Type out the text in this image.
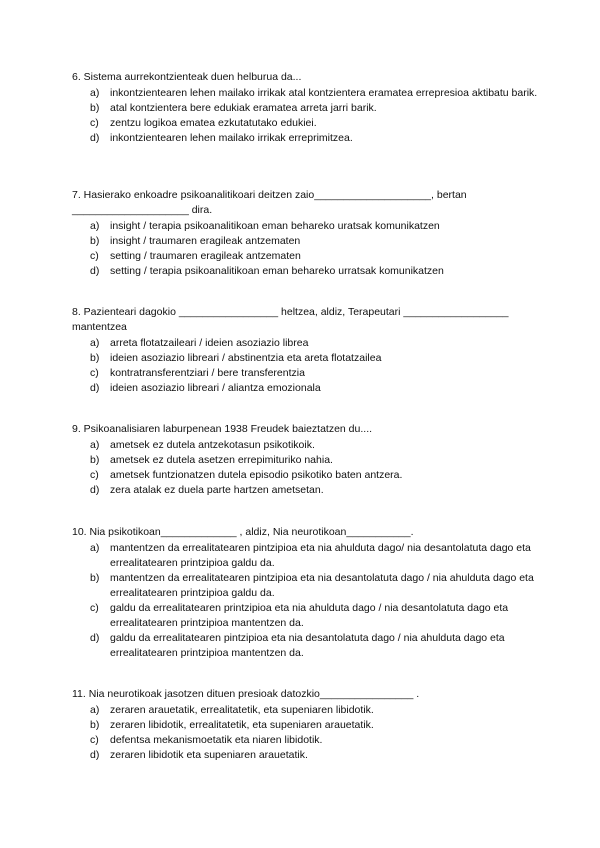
6. Sistema aurrekontzienteak duen helburua da...

a) inkontzientearen lehen mailako irrikak atal kontzientera eramatea errepresioa aktibatu barik.
b) atal kontzientera bere edukiak eramatea arreta jarri barik.
c) zentzu logikoa ematea ezkutatutako edukiei.
d) inkontzientearen lehen mailako irrikak erreprimitzea.

7. Hasierako enkoadre psikoanalitikoari deitzen zaio____________________, bertan ____________________ dira.

a) insight / terapia psikoanalitikoan eman behareko uratsak komunikatzen
b) insight / traumaren eragileak antzematen
c) setting / traumaren eragileak antzematen
d) setting / terapia psikoanalitikoan eman behareko urratsak komunikatzen

8. Pazienteari dagokio _________________ heltzea, aldiz, Terapeutari __________________ mantentzea

a) arreta flotatzaileari / ideien asoziazio librea
b) ideien asoziazio libreari / abstinentzia eta areta flotatzailea
c) kontratransferentziari / bere transferentzia
d) ideien asoziazio libreari / aliantza emozionala

9. Psikoanalisiaren laburpenean 1938 Freudek baieztatzen du....

a) ametsek ez dutela antzekotasun psikotikoik.
b) ametsek ez dutela asetzen errepimituriko nahia.
c) ametsek funtzionatzen dutela episodio psikotiko baten antzera.
d) zera atalak ez duela parte hartzen ametsetan.

10. Nia psikotikoan_____________ , aldiz, Nia neurotikoan___________.

a) mantentzen da errealitatearen pintzipioa eta nia ahulduta dago/ nia desantolatuta dago eta errealitatearen printzipioa galdu da.
b) mantentzen da errealitatearen pintzipioa eta nia desantolatuta dago / nia ahulduta dago eta errealitatearen printzipioa galdu da.
c) galdu da errealitatearen printzipioa eta nia ahulduta dago / nia desantolatuta dago eta errealitatearen printzipioa mantentzen da.
d) galdu da errealitatearen pintzipioa eta nia desantolatuta dago / nia ahulduta dago eta errealitatearen printzipioa mantentzen da.

11. Nia neurotikoak jasotzen dituen presioak datozkio________________ .

a) zeraren arauetatik, errealitatetik, eta supeniaren libidotik.
b) zeraren libidotik, errealitatetik, eta supeniaren arauetatik.
c) defentsa mekanismoetatik eta niaren libidotik.
d) zeraren libidotik eta supeniaren arauetatik.
